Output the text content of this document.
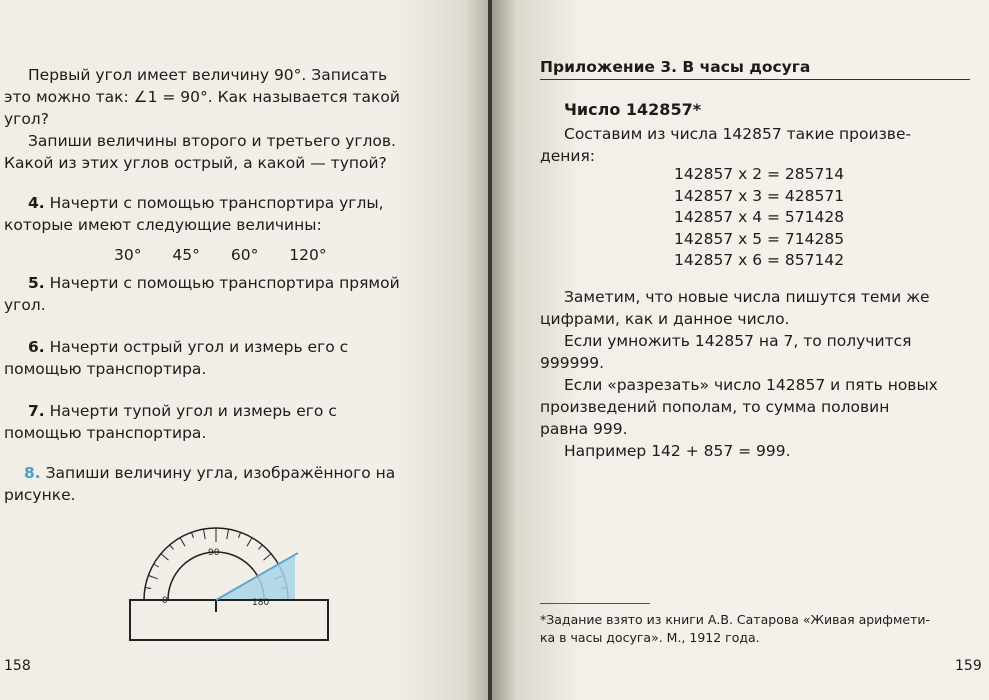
Первый угол имеет величину 90°. Записать

это можно так: ∠1 = 90°. Как называется такой

угол?

Запиши величины второго и третьего углов.

Какой из этих углов острый, а какой — тупой?

4. Начерти с помощью транспортира углы,

которые имеют следующие величины:

30° 45° 60° 120°

5. Начерти с помощью транспортира прямой

угол.

6. Начерти острый угол и измерь его с

помощью транспортира.

7. Начерти тупой угол и измерь его с

помощью транспортира.

8. Запиши величину угла, изображённого на

рисунке.

90
0	180
158
Приложение 3. В часы досуга
Число 142857*

Составим из числа 142857 такие произве-

дения:

142857 х 2 = 285714
142857 х 3 = 428571
142857 х 4 = 571428
142857 х 5 = 714285
142857 х 6 = 857142

Заметим, что новые числа пишутся теми же

цифрами, как и данное число.

Если умножить 142857 на 7, то получится

999999.

Если «разрезать» число 142857 и пять новых

произведений пополам, то сумма половин

равна 999.

Например 142 + 857 = 999.

*Задание взято из книги А.В. Сатарова «Живая арифмети-
ка в часы досуга». М., 1912 года.
159
